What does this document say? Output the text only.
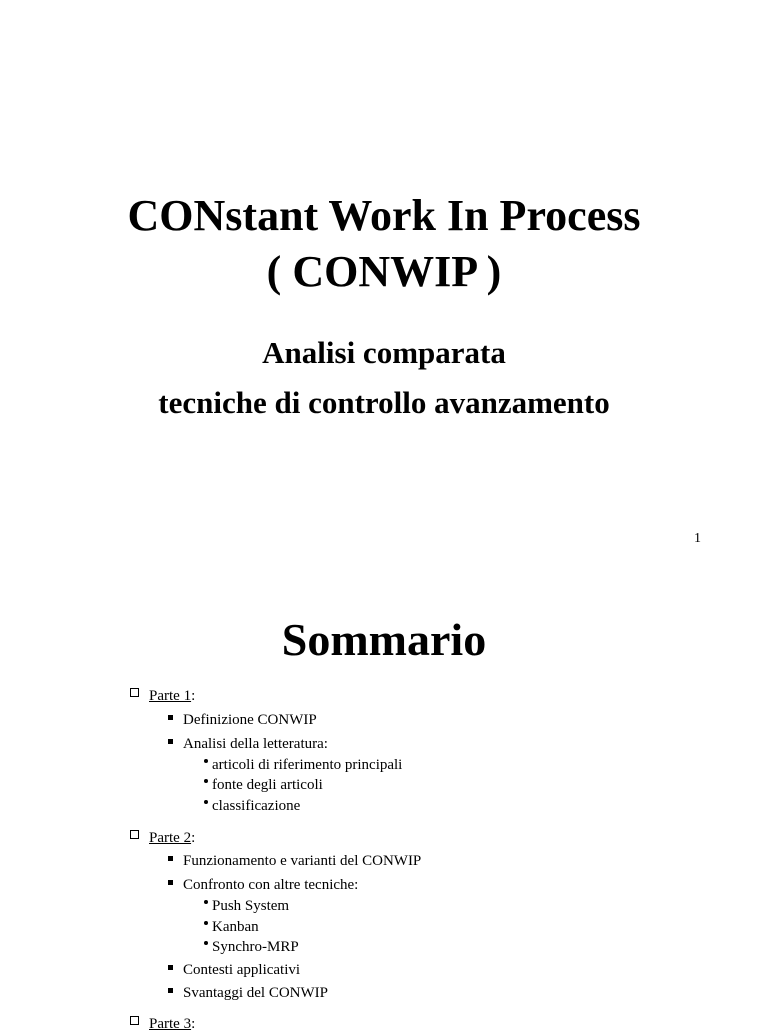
CONstant Work In Process
( CONWIP )
Analisi comparata
tecniche di controllo avanzamento
1
Sommario
Parte 1:
Definizione CONWIP
Analisi della letteratura:
articoli di riferimento principali
fonte degli articoli
classificazione
Parte 2:
Funzionamento e varianti del CONWIP
Confronto con altre tecniche:
Push System
Kanban
Synchro-MRP
Contesti applicativi
Svantaggi del CONWIP
Parte 3:
